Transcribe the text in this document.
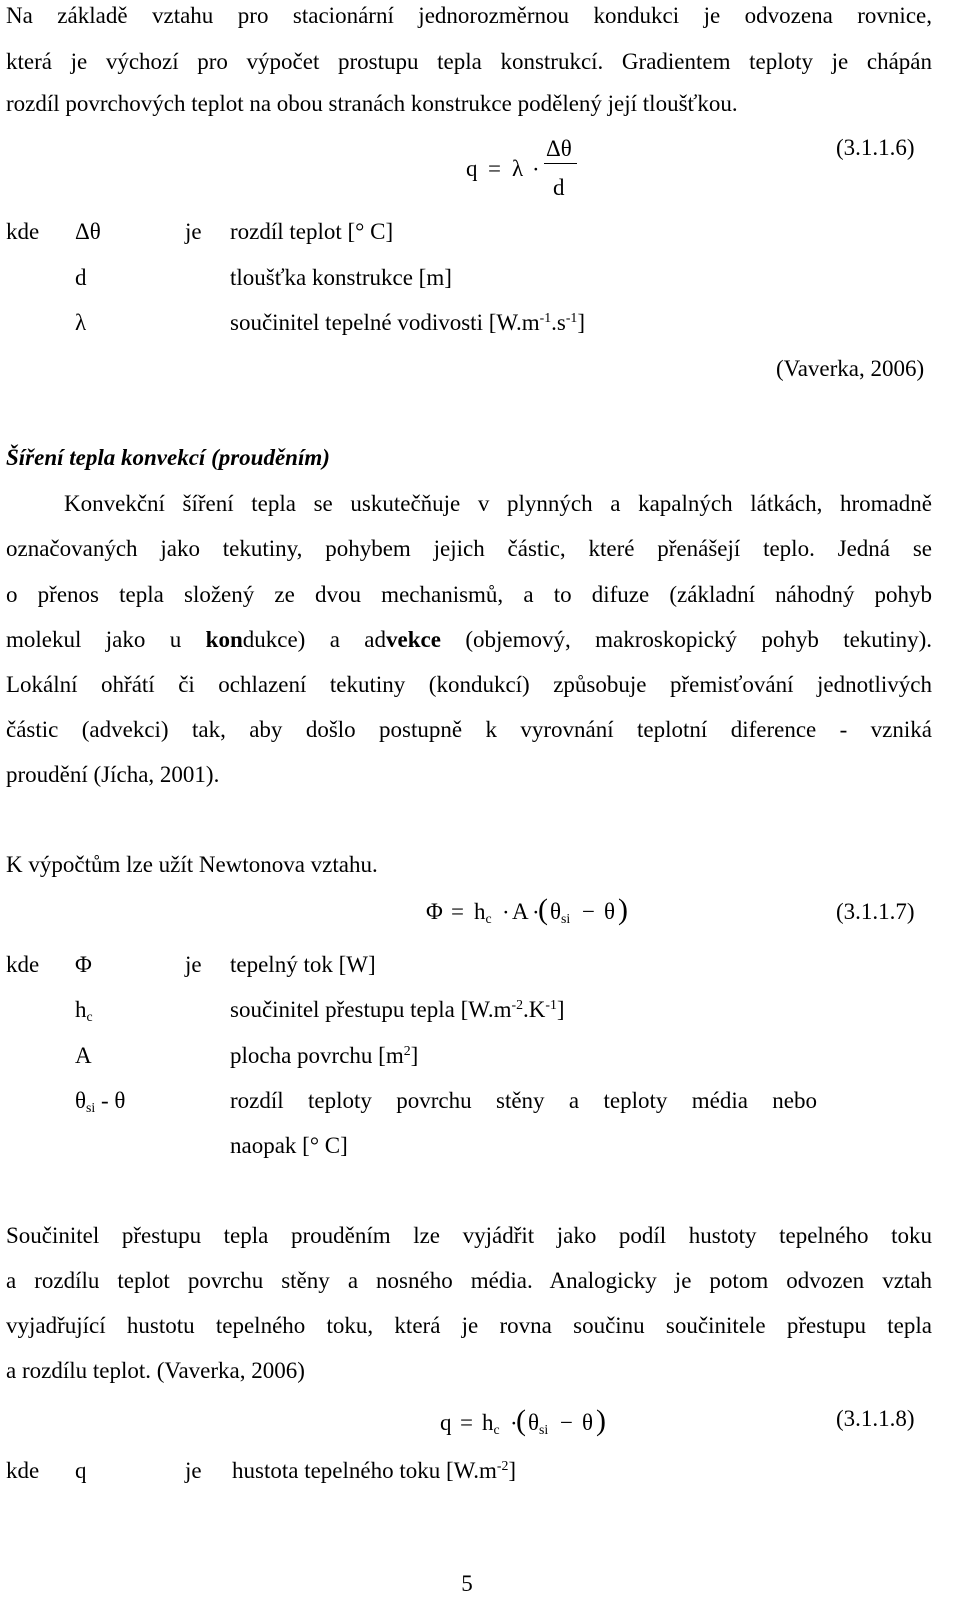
Na základě vztahu pro stacionární jednorozměrnou kondukci je odvozena rovnice,
která je výchozí pro výpočet prostupu tepla konstrukcí. Gradientem teploty je chápán
rozdíl povrchových teplot na obou stranách konstrukce podělený její tloušťkou.
q = λ ·
Δθ
d
(3.1.1.6)
kde Δθ	je rozdíl teplot [° C]
d	tloušťka konstrukce [m]
λ	součinitel tepelné vodivosti $[W.m^{-1}.s^{-1}]$
(Vaverka, 2006)
Šíření tepla konvekcí (prouděním)
Konvekční šíření tepla se uskutečňuje v plynných a kapalných látkách, hromadně
označovaných jako tekutiny, pohybem jejich částic, které přenášejí teplo. Jedná se
o přenos tepla složený ze dvou mechanismů, a to difuze (základní náhodný pohyb
molekul jako u kondukce) a advekce (objemový, makroskopický pohyb tekutiny).
Lokální ohřátí či ochlazení tekutiny (kondukcí) způsobuje přemisťování jednotlivých
částic (advekci) tak, aby došlo postupně k vyrovnání teplotní diference - vzniká
proudění (Jícha, 2001).
K výpočtům lze užít Newtonova vztahu.
$\Phi = h_c \cdot A$ ·
( $\theta_{si} - \theta$ )	(3.1.1.7)
kde Φ	je tepelný tok [W]
$h_c$	součinitel přestupu tepla $[W.m^{-2}.K^{-1}]$
A	plocha povrchu $[m^2]$
$\theta_{si}$ - θ	rozdíl teploty povrchu stěny a teploty média nebo
naopak [° C]
Součinitel přestupu tepla prouděním lze vyjádřit jako podíl hustoty tepelného toku
a rozdílu teplot povrchu stěny a nosného média. Analogicky je potom odvozen vztah
vyjadřující hustotu tepelného toku, která je rovna součinu součinitele přestupu tepla
a rozdílu teplot. (Vaverka, 2006)
$q = h_c$ ·
( $\theta_{si} - \theta$ )	(3.1.1.8)
kde q	je hustota tepelného toku $[W.m^{-2}]$
5
